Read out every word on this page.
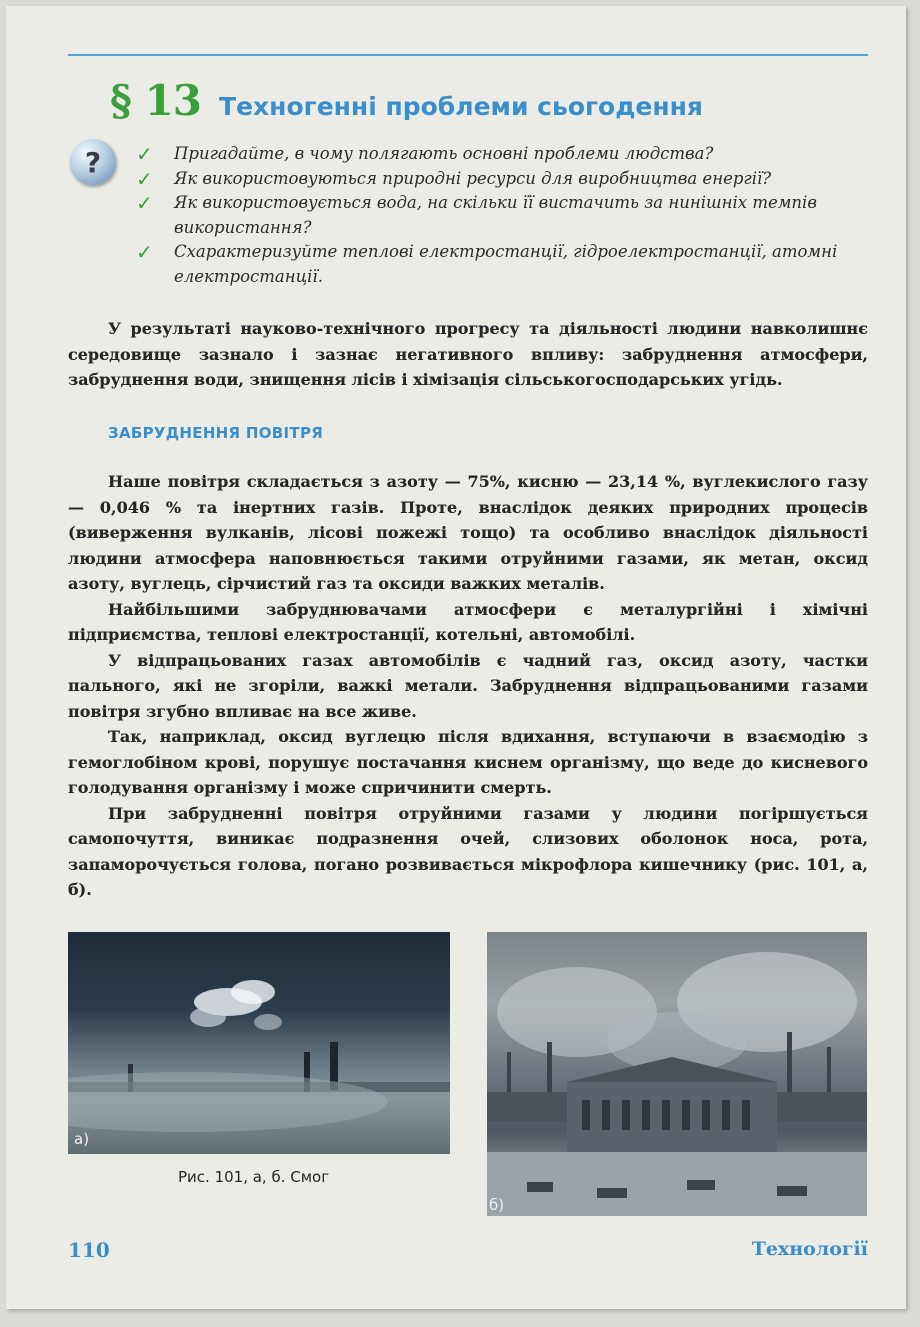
§ 13 Техногенні проблеми сьогодення
? ✓ Пригадайте, в чому полягають основні проблеми людства?
✓ Як використовуються природні ресурси для виробництва енергії?
✓ Як використовується вода, на скільки її вистачить за нинішніх темпів використання?
✓ Схарактеризуйте теплові електростанції, гідроелектростанції, атомні електростанції.

У результаті науково-технічного прогресу та діяльності людини навколишнє середовище зазнало і зазнає негативного впливу: забруднення атмосфери, забруднення води, знищення лісів і хімізація сільськогосподарських угідь.

ЗАБРУДНЕННЯ ПОВІТРЯ

Наше повітря складається з азоту — 75%, кисню — 23,14 %, вуглекислого газу — 0,046 % та інертних газів. Проте, внаслідок деяких природних процесів (виверження вулканів, лісові пожежі тощо) та особливо внаслідок діяльності людини атмосфера наповнюється такими отруйними газами, як метан, оксид азоту, вуглець, сірчистий газ та оксиди важких металів.

Найбільшими забруднювачами атмосфери є металургійні і хімічні підприємства, теплові електростанції, котельні, автомобілі.

У відпрацьованих газах автомобілів є чадний газ, оксид азоту, частки пального, які не згоріли, важкі метали. Забруднення відпрацьованими газами повітря згубно впливає на все живе.

Так, наприклад, оксид вуглецю після вдихання, вступаючи в взаємодію з гемоглобіном крові, порушує постачання киснем організму, що веде до кисневого голодування організму і може спричинити смерть.

При забрудненні повітря отруйними газами у людини погіршується самопочуття, виникає подразнення очей, слизових оболонок носа, рота, запаморочується голова, погано розвивається мікрофлора кишечнику (рис. 101, а, б).

а)
б)
Рис. 101, а, б. Смог
110	Технології
